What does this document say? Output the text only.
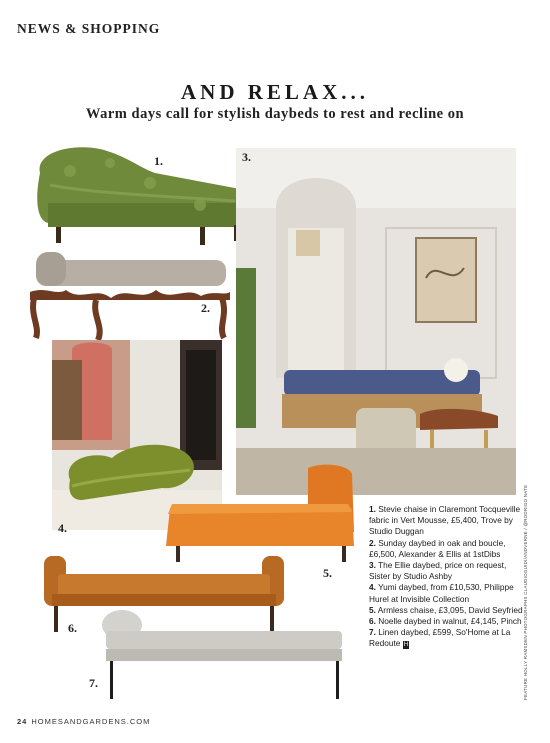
NEWS & SHOPPING
AND RELAX...
Warm days call for stylish daybeds to rest and recline on
1.
2.
3.
4.
5.
6.
7.

1. Stevie chaise in Claremont Tocqueville fabric in Vert Mousse, £5,400, Trove by Studio Duggan

2. Sunday daybed in oak and boucle, £6,500, Alexander & Ellis at 1stDibs

3. The Ellie daybed, price on request, Sister by Studio Ashby

4. Yumi daybed, from £10,530, Philippe Hurel at Invisible Collection

5. Armless chaise, £3,095, David Seyfried

6. Noelle daybed in walnut, £4,145, Pinch

7. Linen daybed, £599, So'Home at La Redoute H	FEATURE HOLLY RAMSDEN PHOTOGRAPHS CLAUDIOGUIDI/ANDVERNE / @RODRIGO NATE
24 HOMESANDGARDENS.COM
